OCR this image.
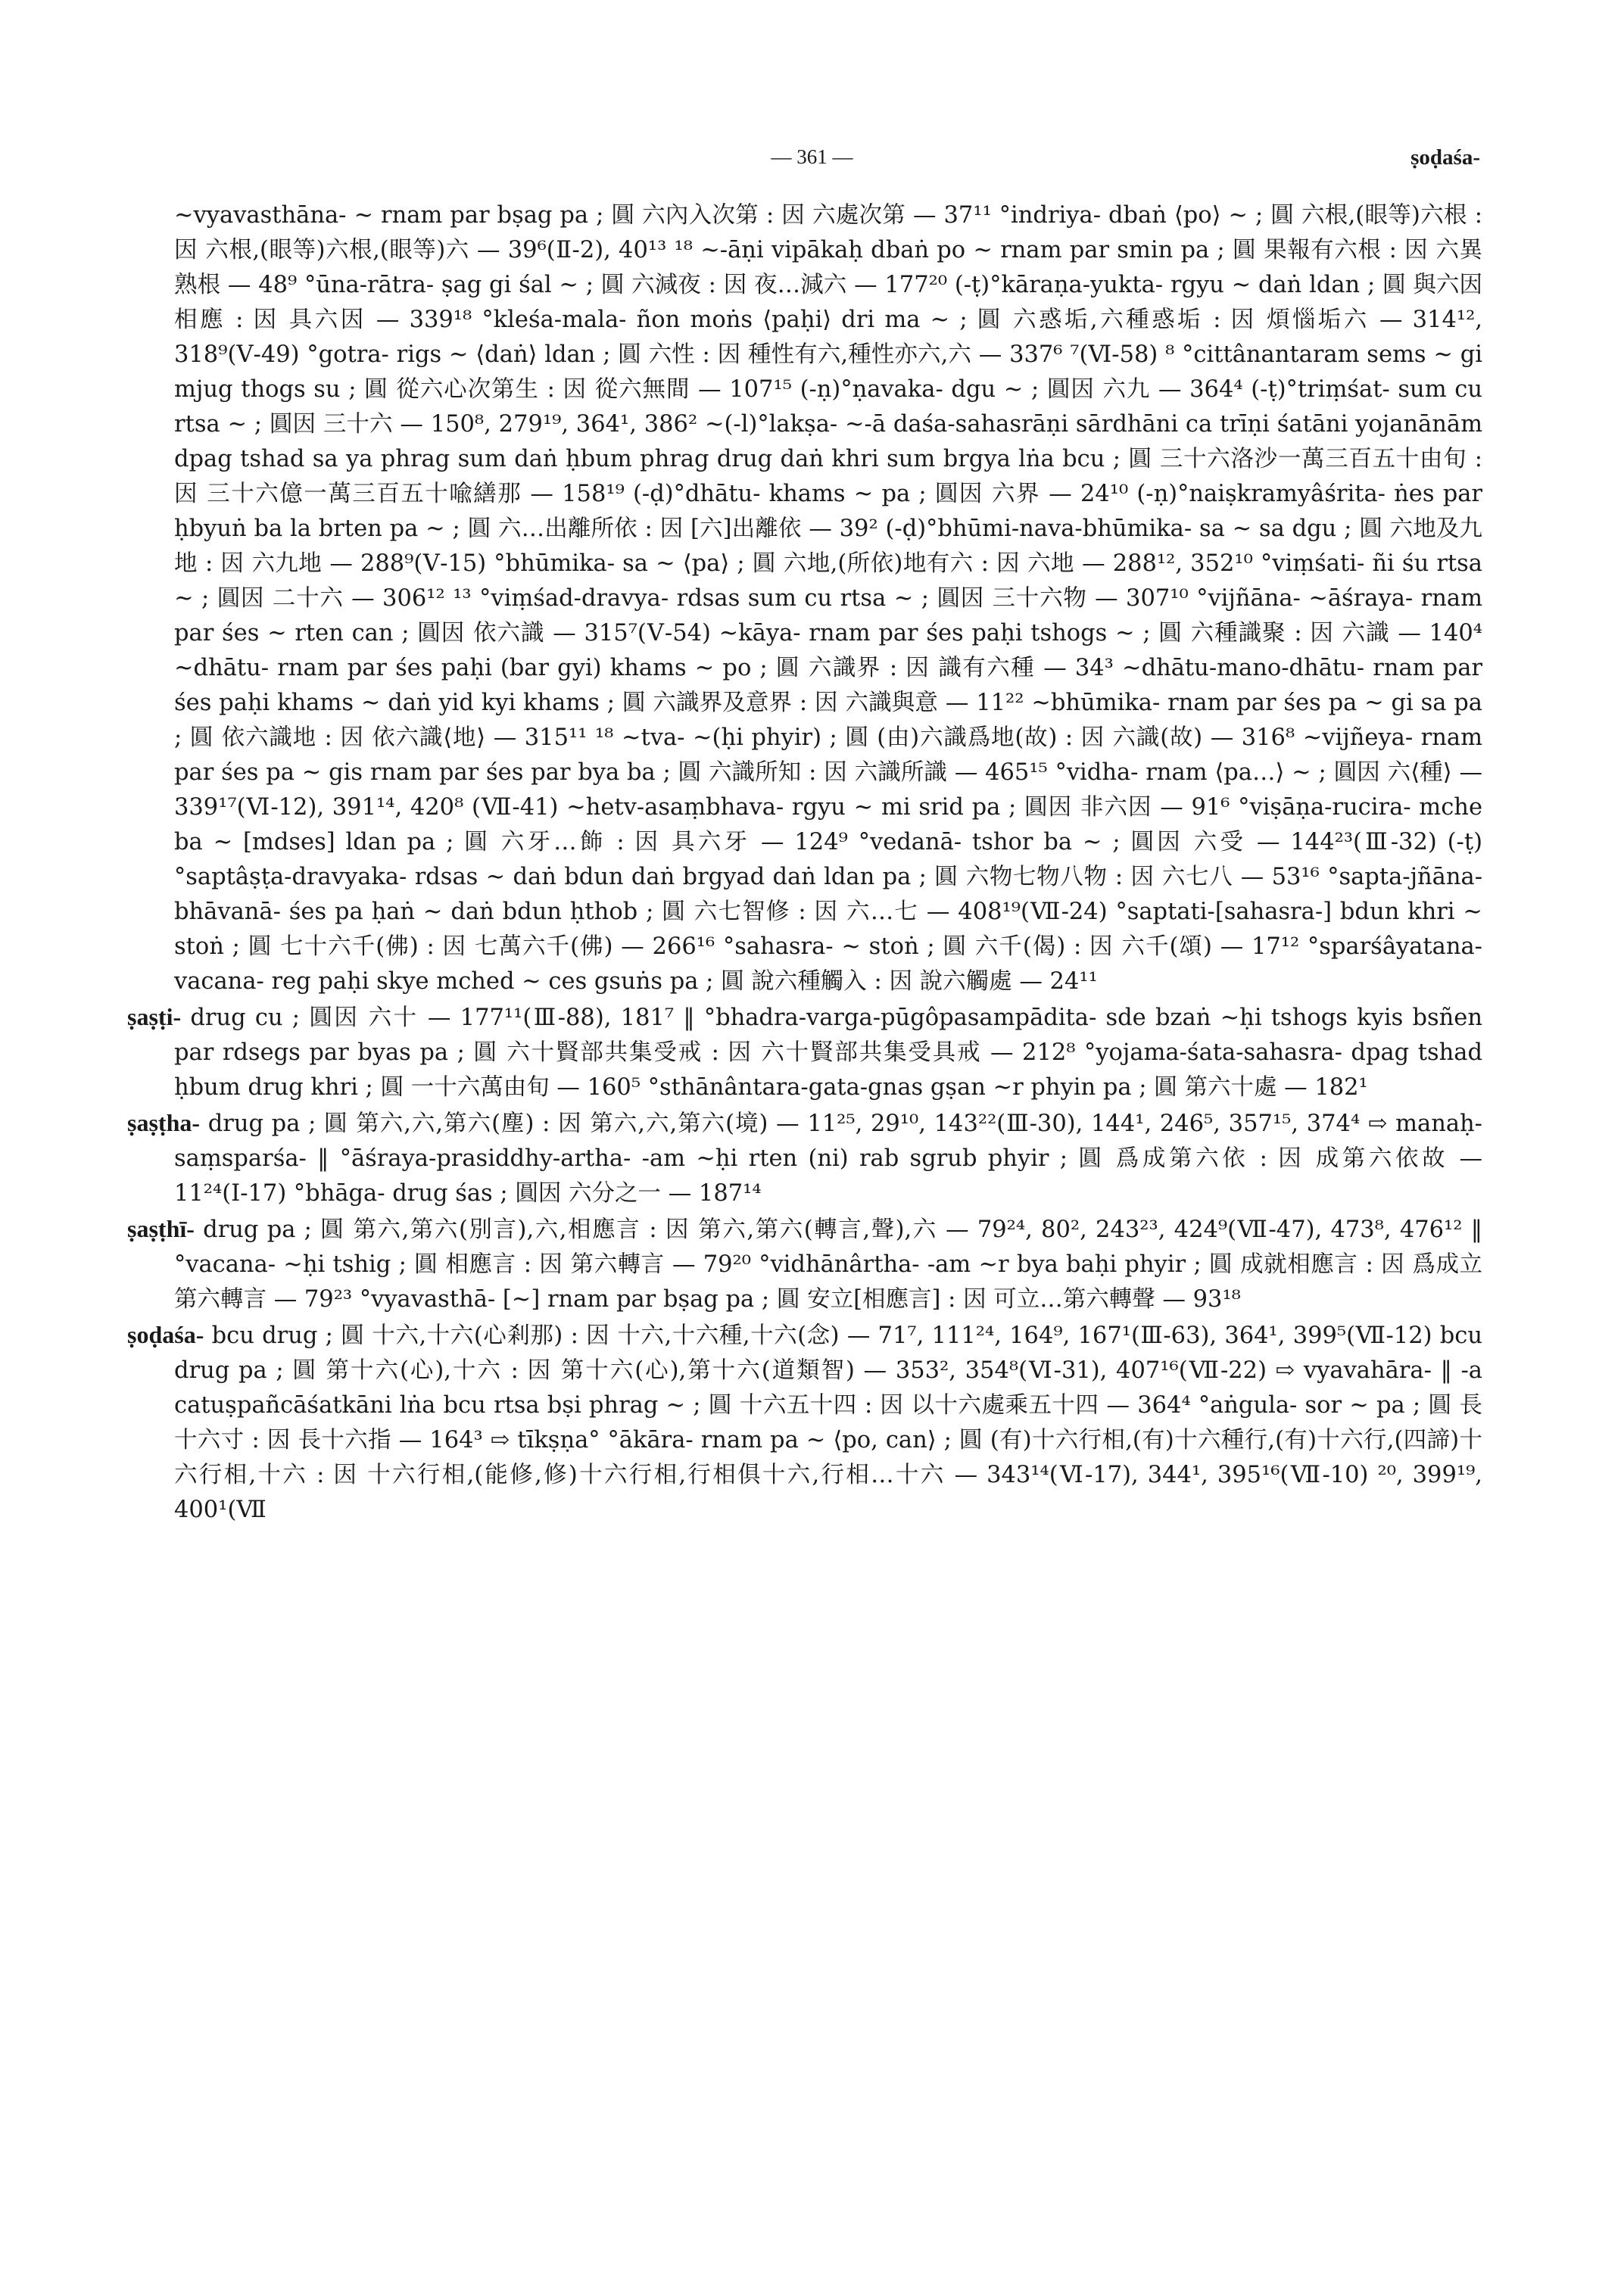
— 361 —	ṣoḍaśa-

~vyavasthāna- ~ rnam par bṣag pa ; 圓 六內入次第 : 因 六處次第 — 37¹¹ °indriya- dbaṅ ⟨po⟩ ~ ; 圓 六根,(眼等)六根 : 因 六根,(眼等)六根,(眼等)六 — 39⁶(Ⅱ-2), 40¹³ ¹⁸ ~-āṇi vipākaḥ dbaṅ po ~ rnam par smin pa ; 圓 果報有六根 : 因 六異熟根 — 48⁹ °ūna-rātra- ṣag gi śal ~ ; 圓 六減夜 : 因 夜…減六 — 177²⁰ (-ṭ)°kāraṇa-yukta- rgyu ~ daṅ ldan ; 圓 與六因相應 : 因 具六因 — 339¹⁸ °kleśa-mala- ñon moṅs ⟨paḥi⟩ dri ma ~ ; 圓 六惑垢,六種惑垢 : 因 煩惱垢六 — 314¹², 318⁹(Ⅴ-49) °gotra- rigs ~ ⟨daṅ⟩ ldan ; 圓 六性 : 因 種性有六,種性亦六,六 — 337⁶ ⁷(Ⅵ-58) ⁸ °cittânantaram sems ~ gi mjug thogs su ; 圓 從六心次第生 : 因 從六無間 — 107¹⁵ (-ṇ)°ṇavaka- dgu ~ ; 圓因 六九 — 364⁴ (-ṭ)°triṃśat- sum cu rtsa ~ ; 圓因 三十六 — 150⁸, 279¹⁹, 364¹, 386² ~(-l)°lakṣa- ~-ā daśa-sahasrāṇi sārdhāni ca trīṇi śatāni yojanānām dpag tshad sa ya phrag sum daṅ ḥbum phrag drug daṅ khri sum brgya lṅa bcu ; 圓 三十六洛沙一萬三百五十由旬 : 因 三十六億一萬三百五十喩繕那 — 158¹⁹ (-ḍ)°dhātu- khams ~ pa ; 圓因 六界 — 24¹⁰ (-ṇ)°naiṣkramyâśrita- ṅes par ḥbyuṅ ba la brten pa ~ ; 圓 六…出離所依 : 因 [六]出離依 — 39² (-ḍ)°bhūmi-nava-bhūmika- sa ~ sa dgu ; 圓 六地及九地 : 因 六九地 — 288⁹(Ⅴ-15) °bhūmika- sa ~ ⟨pa⟩ ; 圓 六地,(所依)地有六 : 因 六地 — 288¹², 352¹⁰ °viṃśati- ñi śu rtsa ~ ; 圓因 二十六 — 306¹² ¹³ °viṃśad-dravya- rdsas sum cu rtsa ~ ; 圓因 三十六物 — 307¹⁰ °vijñāna- ~āśraya- rnam par śes ~ rten can ; 圓因 依六識 — 315⁷(Ⅴ-54) ~kāya- rnam par śes paḥi tshogs ~ ; 圓 六種識聚 : 因 六識 — 140⁴ ~dhātu- rnam par śes paḥi (bar gyi) khams ~ po ; 圓 六識界 : 因 識有六種 — 34³ ~dhātu-mano-dhātu- rnam par śes paḥi khams ~ daṅ yid kyi khams ; 圓 六識界及意界 : 因 六識與意 — 11²² ~bhūmika- rnam par śes pa ~ gi sa pa ; 圓 依六識地 : 因 依六識⟨地⟩ — 315¹¹ ¹⁸ ~tva- ~(ḥi phyir) ; 圓 (由)六識爲地(故) : 因 六識(故) — 316⁸ ~vijñeya- rnam par śes pa ~ gis rnam par śes par bya ba ; 圓 六識所知 : 因 六識所識 — 465¹⁵ °vidha- rnam ⟨pa…⟩ ~ ; 圓因 六⟨種⟩ — 339¹⁷(Ⅵ-12), 391¹⁴, 420⁸ (Ⅶ-41) ~hetv-asaṃbhava- rgyu ~ mi srid pa ; 圓因 非六因 — 91⁶ °viṣāṇa-rucira- mche ba ~ [mdses] ldan pa ; 圓 六牙…飾 : 因 具六牙 — 124⁹ °vedanā- tshor ba ~ ; 圓因 六受 — 144²³(Ⅲ-32) (-ṭ)°saptâṣṭa-dravyaka- rdsas ~ daṅ bdun daṅ brgyad daṅ ldan pa ; 圓 六物七物八物 : 因 六七八 — 53¹⁶ °sapta-jñāna-bhāvanā- śes pa ḥaṅ ~ daṅ bdun ḥthob ; 圓 六七智修 : 因 六…七 — 408¹⁹(Ⅶ-24) °saptati-[sahasra-] bdun khri ~ stoṅ ; 圓 七十六千(佛) : 因 七萬六千(佛) — 266¹⁶ °sahasra- ~ stoṅ ; 圓 六千(偈) : 因 六千(頌) — 17¹² °sparśâyatana-vacana- reg paḥi skye mched ~ ces gsuṅs pa ; 圓 說六種觸入 : 因 說六觸處 — 24¹¹

ṣaṣṭi- drug cu ; 圓因 六十 — 177¹¹(Ⅲ-88), 181⁷ ‖ °bhadra-varga-pūgôpasampādita- sde bzaṅ ~ḥi tshogs kyis bsñen par rdsegs par byas pa ; 圓 六十賢部共集受戒 : 因 六十賢部共集受具戒 — 212⁸ °yojama-śata-sahasra- dpag tshad ḥbum drug khri ; 圓 一十六萬由旬 — 160⁵ °sthānântara-gata-gnas gṣan ~r phyin pa ; 圓 第六十處 — 182¹

ṣaṣṭha- drug pa ; 圓 第六,六,第六(塵) : 因 第六,六,第六(境) — 11²⁵, 29¹⁰, 143²²(Ⅲ-30), 144¹, 246⁵, 357¹⁵, 374⁴ ⇨ manaḥ-saṃsparśa- ‖ °āśraya-prasiddhy-artha- -am ~ḥi rten (ni) rab sgrub phyir ; 圓 爲成第六依 : 因 成第六依故 — 11²⁴(Ⅰ-17) °bhāga- drug śas ; 圓因 六分之一 — 187¹⁴

ṣaṣṭhī- drug pa ; 圓 第六,第六(別言),六,相應言 : 因 第六,第六(轉言,聲),六 — 79²⁴, 80², 243²³, 424⁹(Ⅶ-47), 473⁸, 476¹² ‖ °vacana- ~ḥi tshig ; 圓 相應言 : 因 第六轉言 — 79²⁰ °vidhānârtha- -am ~r bya baḥi phyir ; 圓 成就相應言 : 因 爲成立第六轉言 — 79²³ °vyavasthā- [~] rnam par bṣag pa ; 圓 安立[相應言] : 因 可立…第六轉聲 — 93¹⁸

ṣoḍaśa- bcu drug ; 圓 十六,十六(心剎那) : 因 十六,十六種,十六(念) — 71⁷, 111²⁴, 164⁹, 167¹(Ⅲ-63), 364¹, 399⁵(Ⅶ-12) bcu drug pa ; 圓 第十六(心),十六 : 因 第十六(心),第十六(道類智) — 353², 354⁸(Ⅵ-31), 407¹⁶(Ⅶ-22) ⇨ vyavahāra- ‖ -a catuṣpañcāśatkāni lṅa bcu rtsa bṣi phrag ~ ; 圓 十六五十四 : 因 以十六處乘五十四 — 364⁴ °aṅgula- sor ~ pa ; 圓 長十六寸 : 因 長十六指 — 164³ ⇨ tīkṣṇa° °ākāra- rnam pa ~ ⟨po, can⟩ ; 圓 (有)十六行相,(有)十六種行,(有)十六行,(四諦)十六行相,十六 : 因 十六行相,(能修,修)十六行相,行相俱十六,行相…十六 — 343¹⁴(Ⅵ-17), 344¹, 395¹⁶(Ⅶ-10) ²⁰, 399¹⁹, 400¹(Ⅶ
